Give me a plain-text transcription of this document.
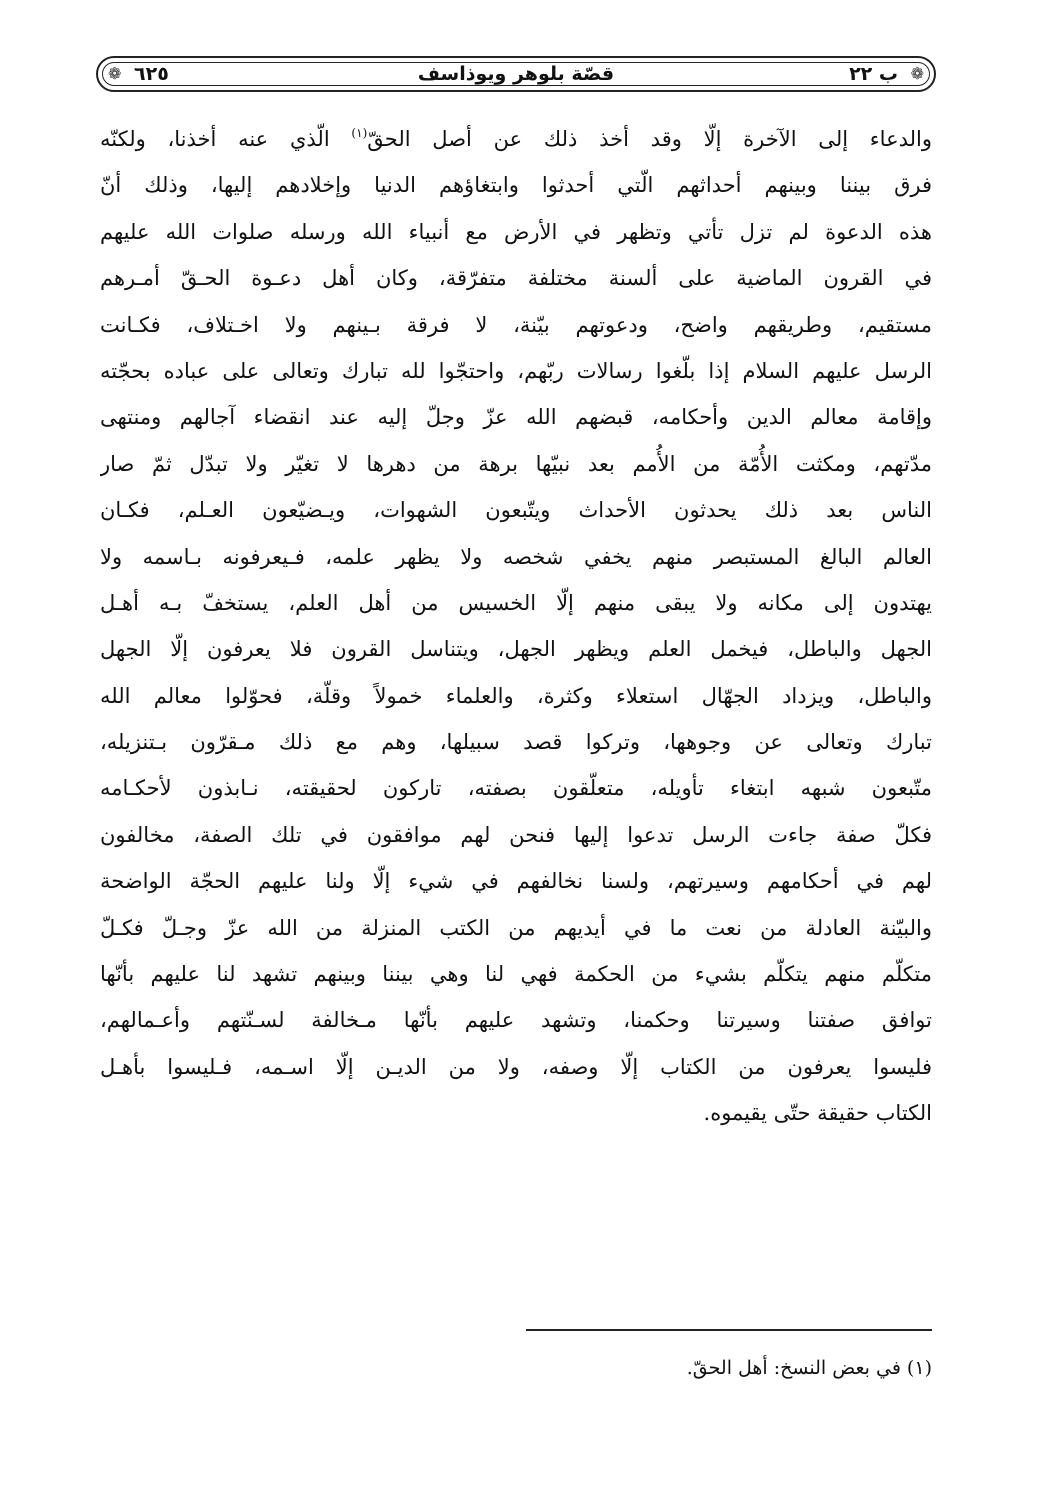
❁
ب ٢٢
قصّة بلوهر ويوذاسف
٦٢٥
❁
والدعاء إلى الآخرة إلّا وقد أخذ ذلك عن أصل الحقّ$^{(١)}$ الّذي عنه أخذنا، ولكنّه
فرق بيننا وبينهم أحداثهم الّتي أحدثوا وابتغاؤهم الدنيا وإخلادهم إليها، وذلك أنّ
هذه الدعوة لم تزل تأتي وتظهر في الأرض مع أنبياء الله ورسله صلوات الله عليهم
في القرون الماضية على ألسنة مختلفة متفرّقة، وكان أهل دعـوة الحـقّ أمـرهم
مستقيم، وطريقهم واضح، ودعوتهم بيّنة، لا فرقة بـينهم ولا اخـتلاف، فكـانت
الرسل عليهم السلام إذا بلّغوا رسالات ربّهم، واحتجّوا لله تبارك وتعالى على عباده بحجّته
وإقامة معالم الدين وأحكامه، قبضهم الله عزّ وجلّ إليه عند انقضاء آجالهم ومنتهى
مدّتهم، ومكثت الأُمّة من الأُمم بعد نبيّها برهة من دهرها لا تغيّر ولا تبدّل ثمّ صار
الناس بعد ذلك يحدثون الأحداث ويتّبعون الشهوات، ويـضيّعون العـلم، فكـان
العالم البالغ المستبصر منهم يخفي شخصه ولا يظهر علمه، فـيعرفونه بـاسمه ولا
يهتدون إلى مكانه ولا يبقى منهم إلّا الخسيس من أهل العلم، يستخفّ بـه أهـل
الجهل والباطل، فيخمل العلم ويظهر الجهل، ويتناسل القرون فلا يعرفون إلّا الجهل
والباطل، ويزداد الجهّال استعلاء وكثرة، والعلماء خمولاً وقلّة، فحوّلوا معالم الله
تبارك وتعالى عن وجوهها، وتركوا قصد سبيلها، وهم مع ذلك مـقرّون بـتنزيله،
متّبعون شبهه ابتغاء تأويله، متعلّقون بصفته، تاركون لحقيقته، نـابذون لأحكـامه
فكلّ صفة جاءت الرسل تدعوا إليها فنحن لهم موافقون في تلك الصفة، مخالفون
لهم في أحكامهم وسيرتهم، ولسنا نخالفهم في شيء إلّا ولنا عليهم الحجّة الواضحة
والبيّنة العادلة من نعت ما في أيديهم من الكتب المنزلة من الله عزّ وجـلّ فكـلّ
متكلّم منهم يتكلّم بشيء من الحكمة فهي لنا وهي بيننا وبينهم تشهد لنا عليهم بأنّها
توافق صفتنا وسيرتنا وحكمنا، وتشهد عليهم بأنّها مـخالفة لسـنّتهم وأعـمالهم،
فليسوا يعرفون من الكتاب إلّا وصفه، ولا من الديـن إلّا اسـمه، فـليسوا بأهـل
الكتاب حقيقة حتّى يقيموه.
(١) في بعض النسخ: أهل الحقّ.
